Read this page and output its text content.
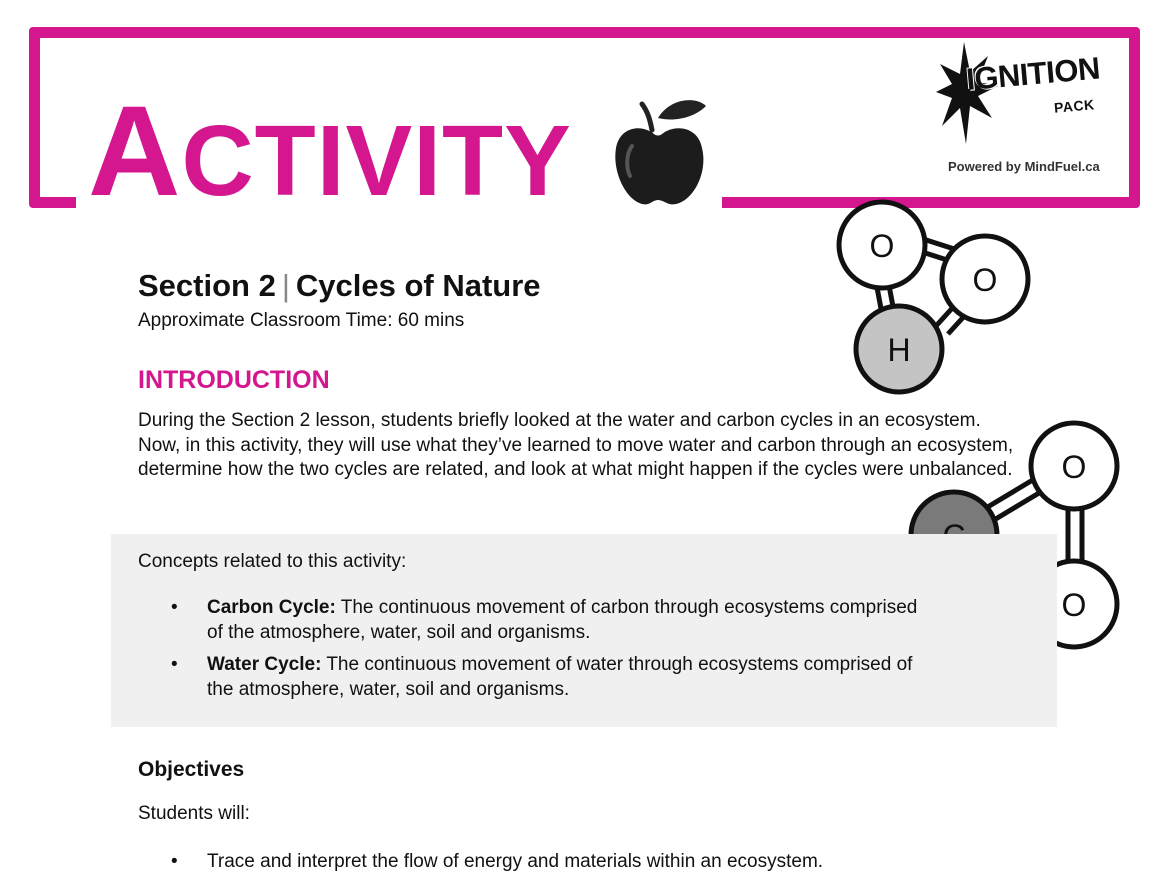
ACTIVITY
IGNITION
PACK
Powered by MindFuel.ca
O
O
H
O
O
Section 2 | Cycles of Nature
Approximate Classroom Time: 60 mins
INTRODUCTION
During the Section 2 lesson, students briefly looked at the water and carbon cycles in an ecosystem. Now, in this activity, they will use what they’ve learned to move water and carbon through an ecosystem, determine how the two cycles are related, and look at what might happen if the cycles were unbalanced.
Concepts related to this activity:
• Carbon Cycle: The continuous movement of carbon through ecosystems comprised
of the atmosphere, water, soil and organisms.
• Water Cycle: The continuous movement of water through ecosystems comprised of
the atmosphere, water, soil and organisms.
Objectives
Students will:
• Trace and interpret the flow of energy and materials within an ecosystem.
